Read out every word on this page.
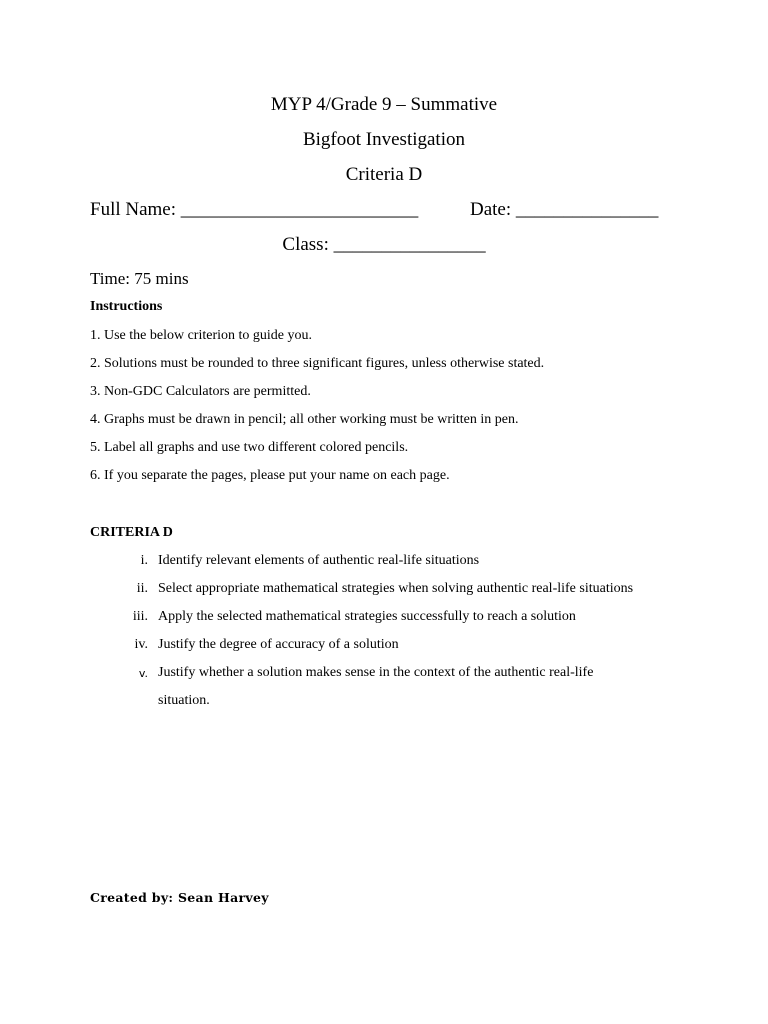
MYP 4/Grade 9 – Summative
Bigfoot Investigation
Criteria D
Full Name: _________________________	Date: _______________
Class: ________________
Time: 75 mins
Instructions
1. Use the below criterion to guide you.
2. Solutions must be rounded to three significant figures, unless otherwise stated.
3. Non-GDC Calculators are permitted.
4. Graphs must be drawn in pencil; all other working must be written in pen.
5. Label all graphs and use two different colored pencils.
6. If you separate the pages, please put your name on each page.
CRITERIA D
i. Identify relevant elements of authentic real-life situations
ii. Select appropriate mathematical strategies when solving authentic real-life situations
iii. Apply the selected mathematical strategies successfully to reach a solution
iv. Justify the degree of accuracy of a solution
v. Justify whether a solution makes sense in the context of the authentic real-life
situation.
Created by: Sean Harvey
